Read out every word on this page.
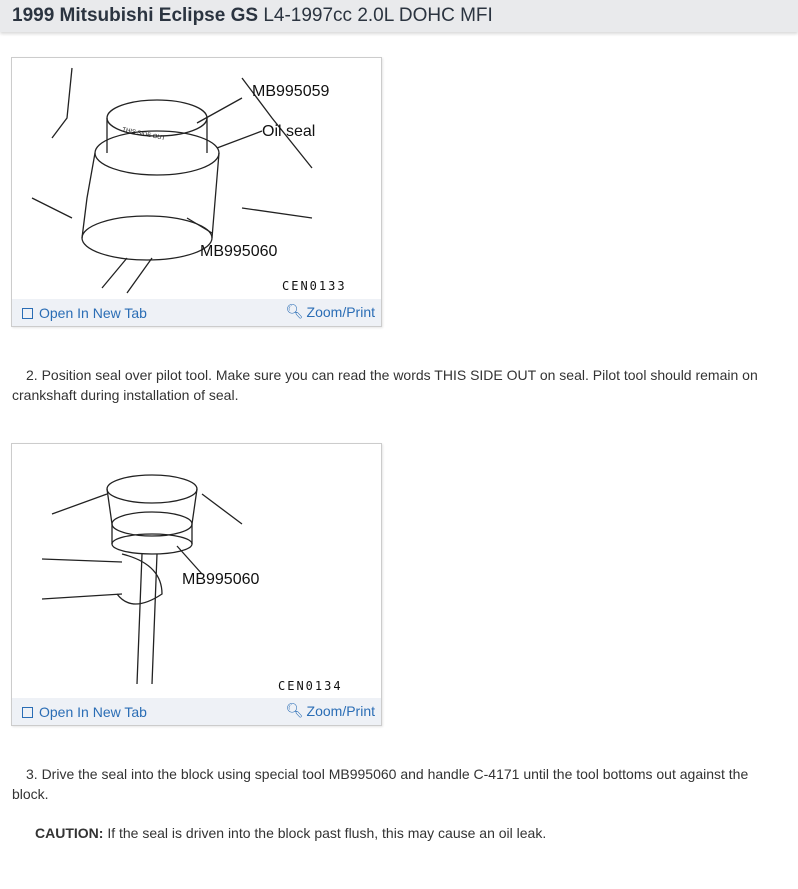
1999 Mitsubishi Eclipse GS L4-1997cc 2.0L DOHC MFI
MB995059
Oil seal
MB995060
THIS SIDE OUT
CEN0133
Open In New Tab	🔍︎ Zoom/Print
2. Position seal over pilot tool. Make sure you can read the words THIS SIDE OUT on seal. Pilot tool should remain on crankshaft during installation of seal.
MB995060
CEN0134
Open In New Tab	🔍︎ Zoom/Print
3. Drive the seal into the block using special tool MB995060 and handle C-4171 until the tool bottoms out against the block.
CAUTION: If the seal is driven into the block past flush, this may cause an oil leak.
